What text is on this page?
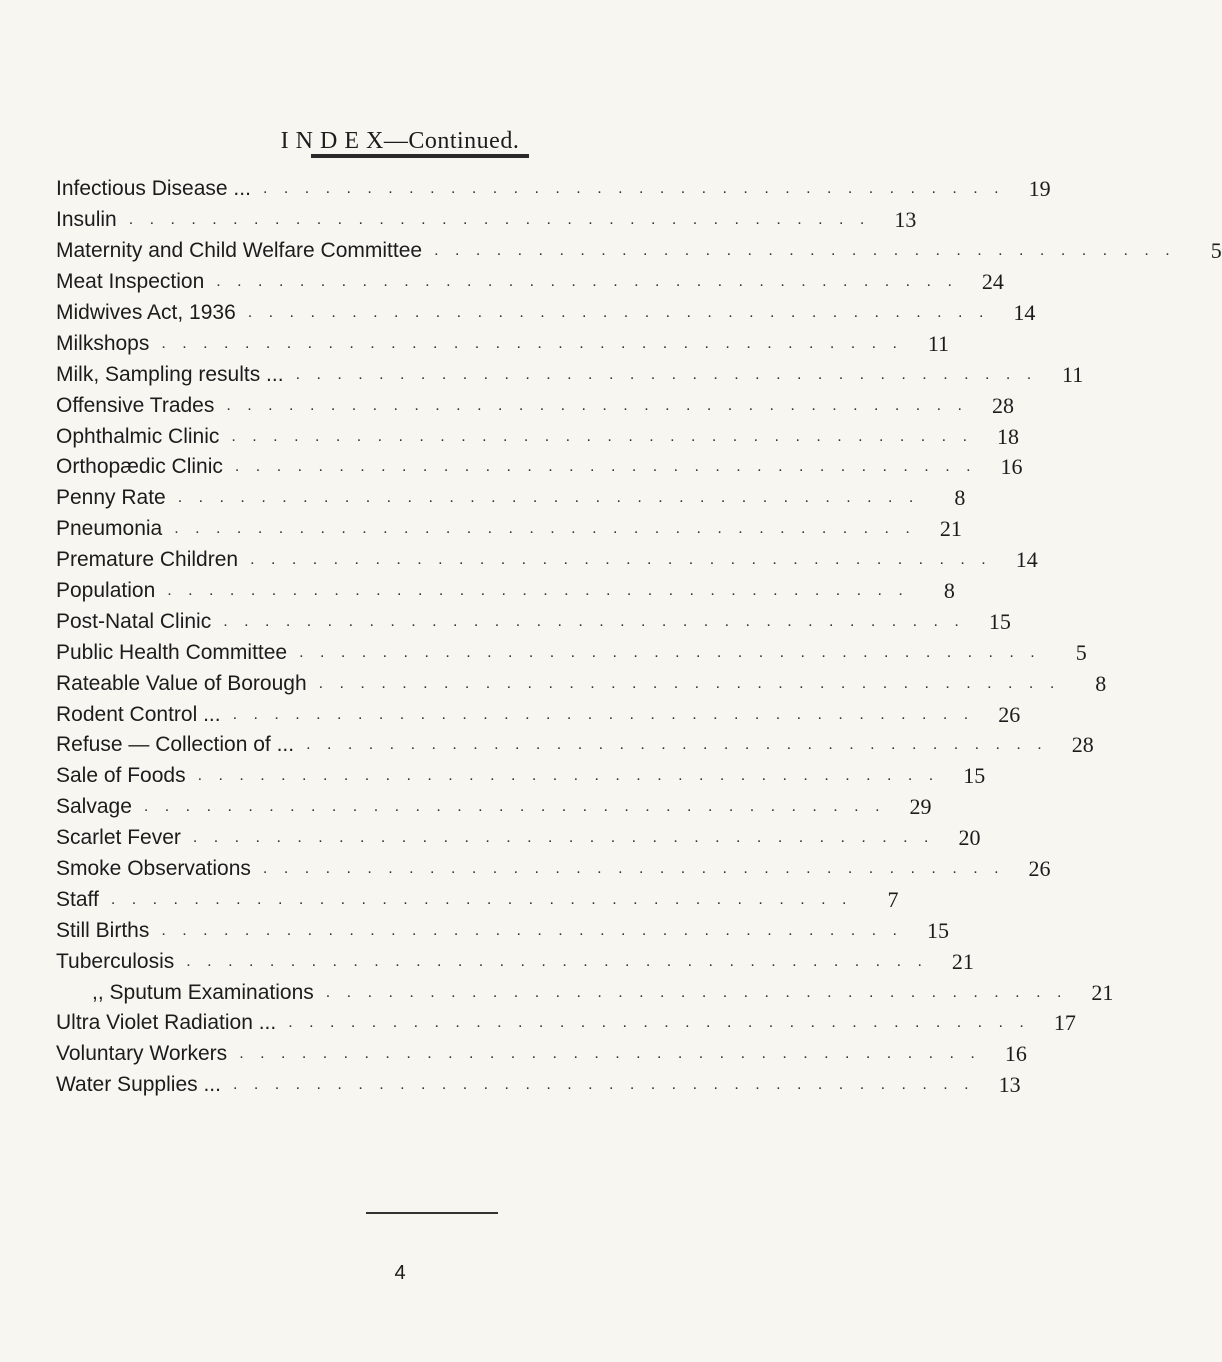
I N D E X—Continued.
Infectious Disease ... . . . . . . . . . . . . . . . . . . . . . . . . . . . . . . . . . . . .	19
Insulin . . . . . . . . . . . . . . . . . . . . . . . . . . . . . . . . . . . .	13
Maternity and Child Welfare Committee . . . . . . . . . . . . . . . . . . . . . . . . . . . . . . . . . . . .	5
Meat Inspection . . . . . . . . . . . . . . . . . . . . . . . . . . . . . . . . . . . .	24
Midwives Act, 1936 . . . . . . . . . . . . . . . . . . . . . . . . . . . . . . . . . . . .	14
Milkshops . . . . . . . . . . . . . . . . . . . . . . . . . . . . . . . . . . . .	11
Milk, Sampling results ... . . . . . . . . . . . . . . . . . . . . . . . . . . . . . . . . . . . .	11
Offensive Trades . . . . . . . . . . . . . . . . . . . . . . . . . . . . . . . . . . . .	28
Ophthalmic Clinic . . . . . . . . . . . . . . . . . . . . . . . . . . . . . . . . . . . .	18
Orthopædic Clinic . . . . . . . . . . . . . . . . . . . . . . . . . . . . . . . . . . . .	16
Penny Rate . . . . . . . . . . . . . . . . . . . . . . . . . . . . . . . . . . . .	8
Pneumonia . . . . . . . . . . . . . . . . . . . . . . . . . . . . . . . . . . . .	21
Premature Children . . . . . . . . . . . . . . . . . . . . . . . . . . . . . . . . . . . .	14
Population . . . . . . . . . . . . . . . . . . . . . . . . . . . . . . . . . . . .	8
Post-Natal Clinic . . . . . . . . . . . . . . . . . . . . . . . . . . . . . . . . . . . .	15
Public Health Committee . . . . . . . . . . . . . . . . . . . . . . . . . . . . . . . . . . . .	5
Rateable Value of Borough . . . . . . . . . . . . . . . . . . . . . . . . . . . . . . . . . . . .	8
Rodent Control ... . . . . . . . . . . . . . . . . . . . . . . . . . . . . . . . . . . . .	26
Refuse — Collection of ... . . . . . . . . . . . . . . . . . . . . . . . . . . . . . . . . . . . .	28
Sale of Foods . . . . . . . . . . . . . . . . . . . . . . . . . . . . . . . . . . . .	15
Salvage . . . . . . . . . . . . . . . . . . . . . . . . . . . . . . . . . . . .	29
Scarlet Fever . . . . . . . . . . . . . . . . . . . . . . . . . . . . . . . . . . . .	20
Smoke Observations . . . . . . . . . . . . . . . . . . . . . . . . . . . . . . . . . . . .	26
Staff . . . . . . . . . . . . . . . . . . . . . . . . . . . . . . . . . . . .	7
Still Births . . . . . . . . . . . . . . . . . . . . . . . . . . . . . . . . . . . .	15
Tuberculosis . . . . . . . . . . . . . . . . . . . . . . . . . . . . . . . . . . . .	21
,, Sputum Examinations . . . . . . . . . . . . . . . . . . . . . . . . . . . . . . . . . . . .	21
Ultra Violet Radiation ... . . . . . . . . . . . . . . . . . . . . . . . . . . . . . . . . . . . .	17
Voluntary Workers . . . . . . . . . . . . . . . . . . . . . . . . . . . . . . . . . . . .	16
Water Supplies ... . . . . . . . . . . . . . . . . . . . . . . . . . . . . . . . . . . . .	13
4
